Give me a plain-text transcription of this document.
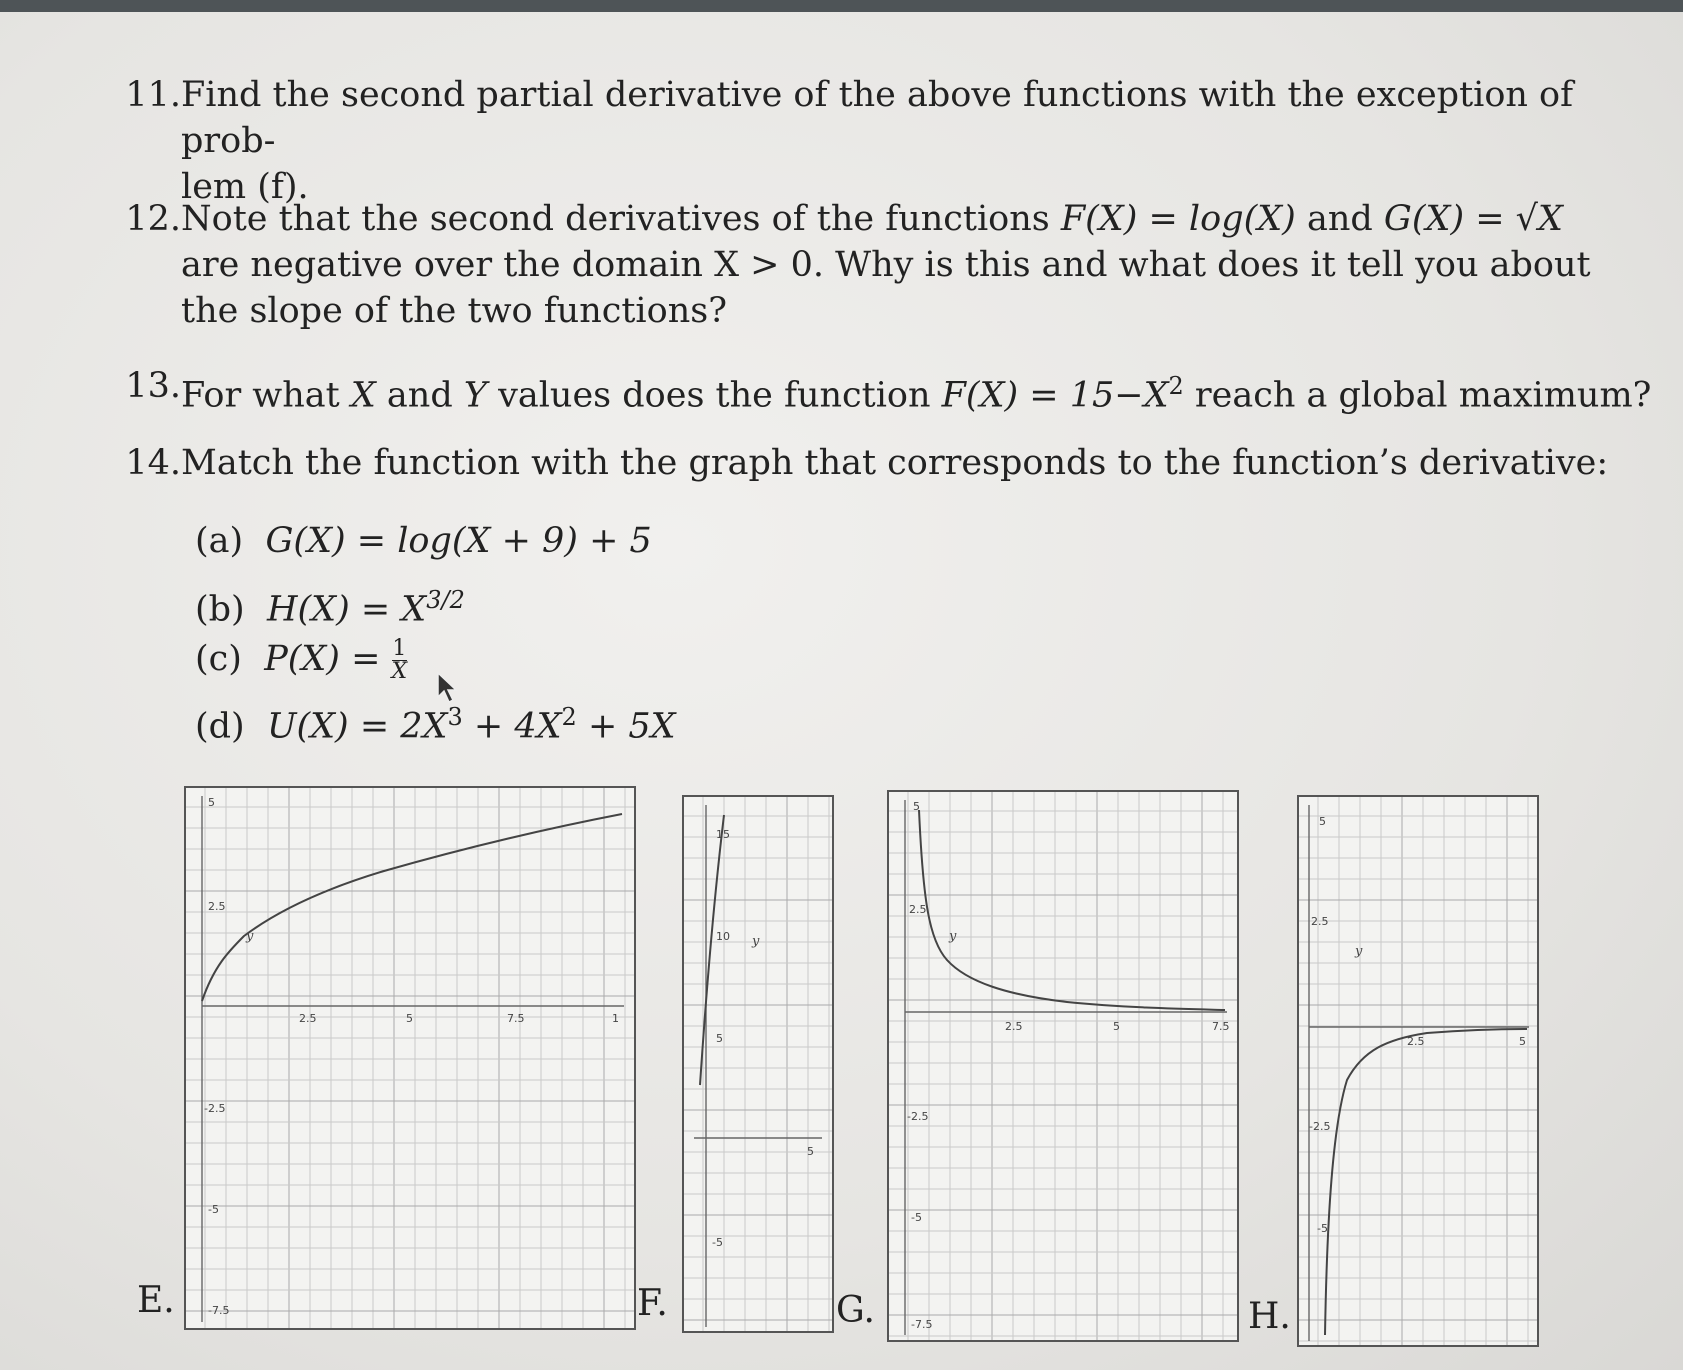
11. Find the second partial derivative of the above functions with the exception of prob-
lem (f).
12. Note that the second derivatives of the functions F(X) = log(X) and G(X) = √X
are negative over the domain X > 0. Why is this and what does it tell you about
the slope of the two functions?
13. For what X and Y values does the function $F(X) = 15-X^2$ reach a global maximum?
14. Match the function with the graph that corresponds to the function’s derivative:
(a) G(X) = log(X + 9) + 5
(b) $H(X) = X^{3/2}$
(c) $P(X) = \frac{1}{X}$
(d) $U(X) = 2X^3 + 4X^2 + 5X$
E.	F.	G.	H.
y
2.5	5	7.5	1
5
2.5
-2.5
-5
-7.5
y
5
15
10
5
-5
y
2.5	5	7.5
5
2.5
-2.5
-5
-7.5
y
2.5	5
5
2.5
-2.5
-5
